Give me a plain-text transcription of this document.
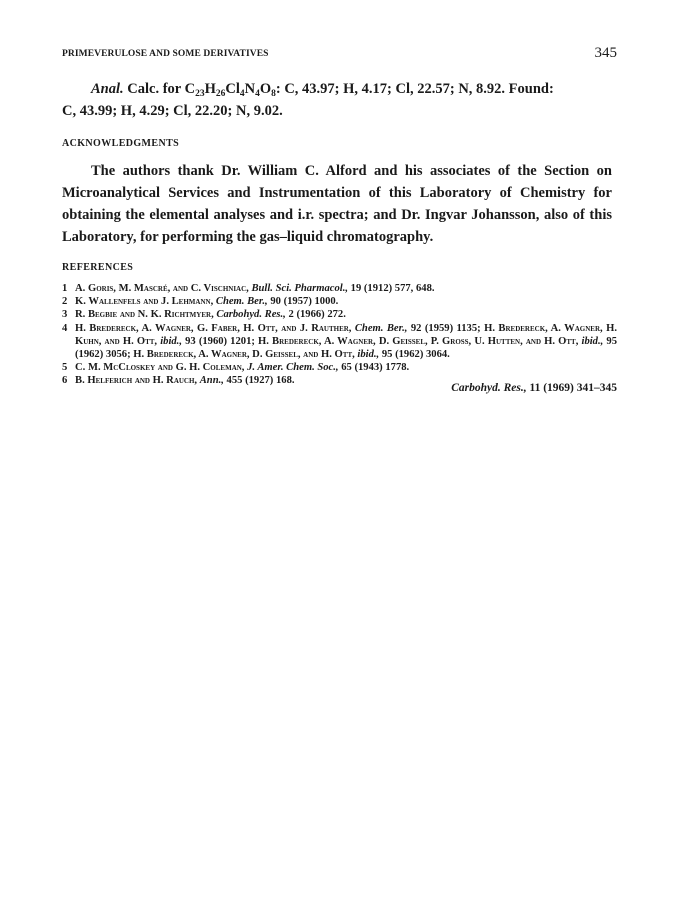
PRIMEVERULOSE AND SOME DERIVATIVES	345
Anal. Calc. for $C_{23}H_{26}Cl_4N_4O_8$: C, 43.97; H, 4.17; Cl, 22.57; N, 8.92. Found:
C, 43.99; H, 4.29; Cl, 22.20; N, 9.02.
ACKNOWLEDGMENTS
The authors thank Dr. William C. Alford and his associates of the Section on Microanalytical Services and Instrumentation of this Laboratory of Chemistry for obtaining the elemental analyses and i.r. spectra; and Dr. Ingvar Johansson, also of this Laboratory, for performing the gas–liquid chromatography.
REFERENCES
1 A. Goris, M. Mascré, and C. Vischniac, Bull. Sci. Pharmacol., 19 (1912) 577, 648.
2 K. Wallenfels and J. Lehmann, Chem. Ber., 90 (1957) 1000.
3 R. Begbie and N. K. Richtmyer, Carbohyd. Res., 2 (1966) 272.
4 H. Bredereck, A. Wagner, G. Faber, H. Ott, and J. Rauther, Chem. Ber., 92 (1959) 1135; H. Bredereck, A. Wagner, H. Kuhn, and H. Ott, ibid., 93 (1960) 1201; H. Bredereck, A. Wagner, D. Geissel, P. Gross, U. Hutten, and H. Ott, ibid., 95 (1962) 3056; H. Bredereck, A. Wagner, D. Geissel, and H. Ott, ibid., 95 (1962) 3064.
5 C. M. McCloskey and G. H. Coleman, J. Amer. Chem. Soc., 65 (1943) 1778.
6 B. Helferich and H. Rauch, Ann., 455 (1927) 168.
Carbohyd. Res., 11 (1969) 341–345
